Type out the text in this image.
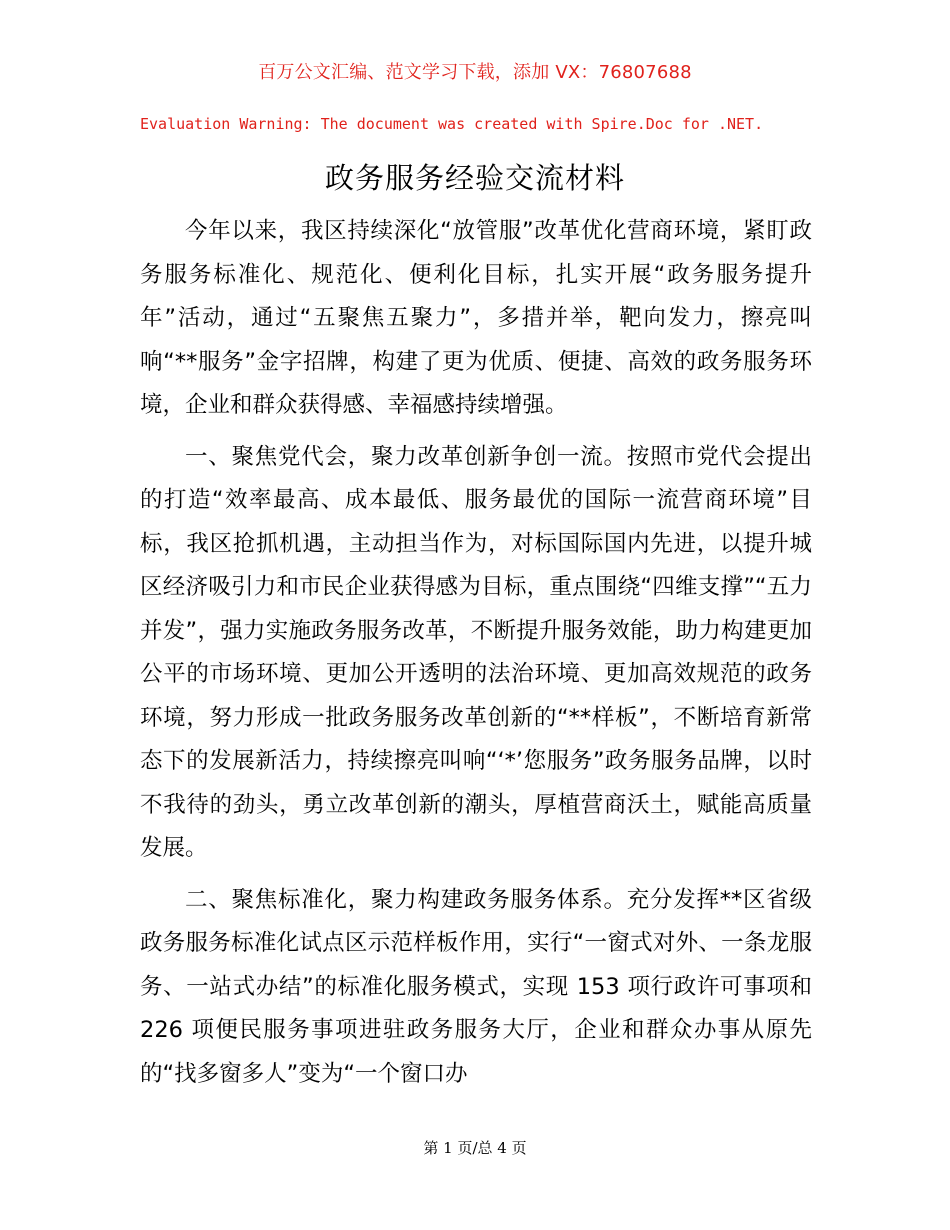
百万公文汇编、范文学习下载，添加 VX：76807688
Evaluation Warning: The document was created with Spire.Doc for .NET.
政务服务经验交流材料

今年以来，我区持续深化“放管服”改革优化营商环境，紧盯政务服务标准化、规范化、便利化目标，扎实开展“政务服务提升年”活动，通过“五聚焦五聚力”，多措并举，靶向发力，擦亮叫响“**服务”金字招牌，构建了更为优质、便捷、高效的政务服务环境，企业和群众获得感、幸福感持续增强。

一、聚焦党代会，聚力改革创新争创一流。按照市党代会提出的打造“效率最高、成本最低、服务最优的国际一流营商环境”目标，我区抢抓机遇，主动担当作为，对标国际国内先进，以提升城区经济吸引力和市民企业获得感为目标，重点围绕“四维支撑”“五力并发”，强力实施政务服务改革，不断提升服务效能，助力构建更加公平的市场环境、更加公开透明的法治环境、更加高效规范的政务环境，努力形成一批政务服务改革创新的“**样板”，不断培育新常态下的发展新活力，持续擦亮叫响“‘*’您服务”政务服务品牌，以时不我待的劲头，勇立改革创新的潮头，厚植营商沃土，赋能高质量发展。

二、聚焦标准化，聚力构建政务服务体系。充分发挥**区省级政务服务标准化试点区示范样板作用，实行“一窗式对外、一条龙服务、一站式办结”的标准化服务模式，实现 153 项行政许可事项和 226 项便民服务事项进驻政务服务大厅，企业和群众办事从原先的“找多窗多人”变为“一个窗口办

第 1 页/总 4 页
